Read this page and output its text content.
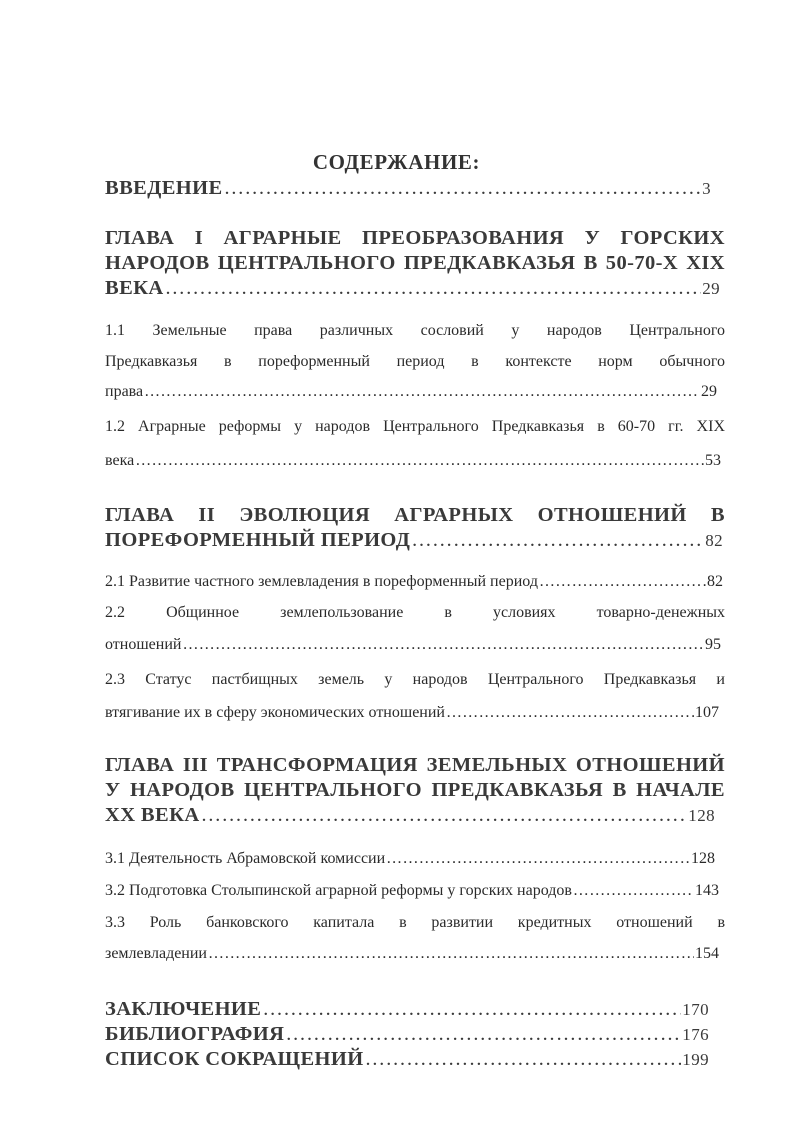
СОДЕРЖАНИЕ:
ВВЕДЕНИЕ ……………………………………………………………………………………………………………………………………………………………………	3
ГЛАВА I АГРАРНЫЕ ПРЕОБРАЗОВАНИЯ У ГОРСКИХ
НАРОДОВ ЦЕНТРАЛЬНОГО ПРЕДКАВКАЗЬЯ В 50-70-Х XIX
ВЕКА ……………………………………………………………………………………………………………………………………………………………………	29
1.1 Земельные права различных сословий у народов Центрального
Предкавказья в пореформенный период в контексте норм обычного
права ……………………………………………………………………………………………………………………………………………………………………	29
1.2 Аграрные реформы у народов Центрального Предкавказья в 60-70 гг. XIX
века ……………………………………………………………………………………………………………………………………………………………………	53
ГЛАВА II ЭВОЛЮЦИЯ АГРАРНЫХ ОТНОШЕНИЙ В
ПОРЕФОРМЕННЫЙ ПЕРИОД ……………………………………………………………………………………………………………………………………………………………………	82
2.1 Развитие частного землевладения в пореформенный период ……………………………………………………………………………………………………………………………………………………………………	82
2.2 Общинное землепользование в условиях товарно-денежных
отношений ……………………………………………………………………………………………………………………………………………………………………	95
2.3 Статус пастбищных земель у народов Центрального Предкавказья и
втягивание их в сферу экономических отношений ……………………………………………………………………………………………………………………………………………………………………	107
ГЛАВА III ТРАНСФОРМАЦИЯ ЗЕМЕЛЬНЫХ ОТНОШЕНИЙ
У НАРОДОВ ЦЕНТРАЛЬНОГО ПРЕДКАВКАЗЬЯ В НАЧАЛЕ
XX ВЕКА ……………………………………………………………………………………………………………………………………………………………………	128
3.1 Деятельность Абрамовской комиссии ……………………………………………………………………………………………………………………………………………………………………	128
3.2 Подготовка Столыпинской аграрной реформы у горских народов ……………………………………………………………………………………………………………………………………………………………………	143
3.3 Роль банковского капитала в развитии кредитных отношений в
землевладении ……………………………………………………………………………………………………………………………………………………………………	154
ЗАКЛЮЧЕНИЕ ……………………………………………………………………………………………………………………………………………………………………	170
БИБЛИОГРАФИЯ ……………………………………………………………………………………………………………………………………………………………………	176
СПИСОК СОКРАЩЕНИЙ ……………………………………………………………………………………………………………………………………………………………………	199
